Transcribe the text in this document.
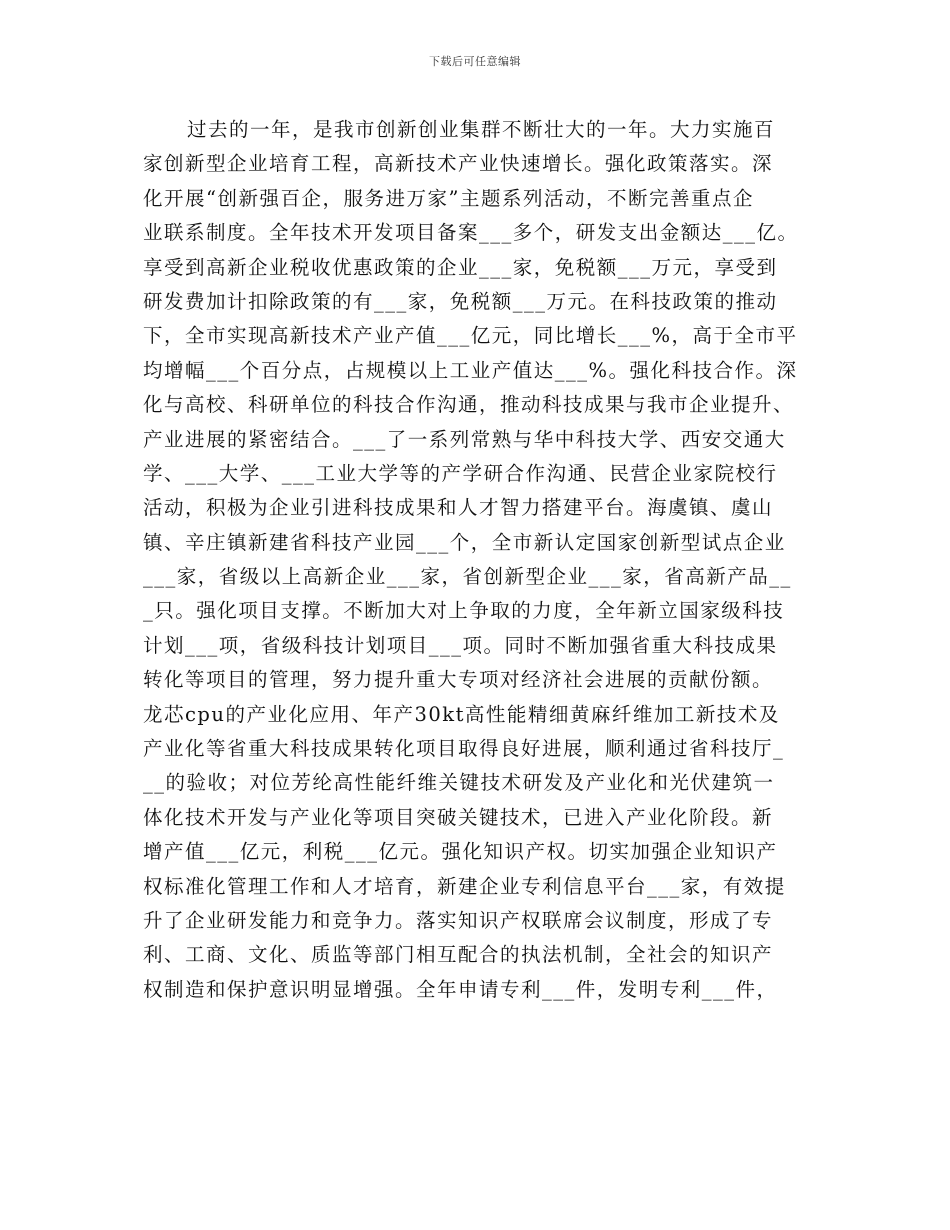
下载后可任意编辑
过去的一年，是我市创新创业集群不断壮大的一年。大力实施百
家创新型企业培育工程，高新技术产业快速增长。强化政策落实。深
化开展“创新强百企，服务进万家”主题系列活动，不断完善重点企
业联系制度。全年技术开发项目备案___多个，研发支出金额达___亿。
享受到高新企业税收优惠政策的企业___家，免税额___万元，享受到
研发费加计扣除政策的有___家，免税额___万元。在科技政策的推动
下，全市实现高新技术产业产值___亿元，同比增长___%，高于全市平
均增幅___个百分点，占规模以上工业产值达___%。强化科技合作。深
化与高校、科研单位的科技合作沟通，推动科技成果与我市企业提升、
产业进展的紧密结合。___了一系列常熟与华中科技大学、西安交通大
学、___大学、___工业大学等的产学研合作沟通、民营企业家院校行
活动，积极为企业引进科技成果和人才智力搭建平台。海虞镇、虞山
镇、辛庄镇新建省科技产业园___个，全市新认定国家创新型试点企业
___家，省级以上高新企业___家，省创新型企业___家，省高新产品__
_只。强化项目支撑。不断加大对上争取的力度，全年新立国家级科技
计划___项，省级科技计划项目___项。同时不断加强省重大科技成果
转化等项目的管理，努力提升重大专项对经济社会进展的贡献份额。
龙芯cpu的产业化应用、年产30kt高性能精细黄麻纤维加工新技术及
产业化等省重大科技成果转化项目取得良好进展，顺利通过省科技厅_
__的验收；对位芳纶高性能纤维关键技术研发及产业化和光伏建筑一
体化技术开发与产业化等项目突破关键技术，已进入产业化阶段。新
增产值___亿元，利税___亿元。强化知识产权。切实加强企业知识产
权标准化管理工作和人才培育，新建企业专利信息平台___家，有效提
升了企业研发能力和竞争力。落实知识产权联席会议制度，形成了专
利、工商、文化、质监等部门相互配合的执法机制，全社会的知识产
权制造和保护意识明显增强。全年申请专利___件，发明专利___件，
